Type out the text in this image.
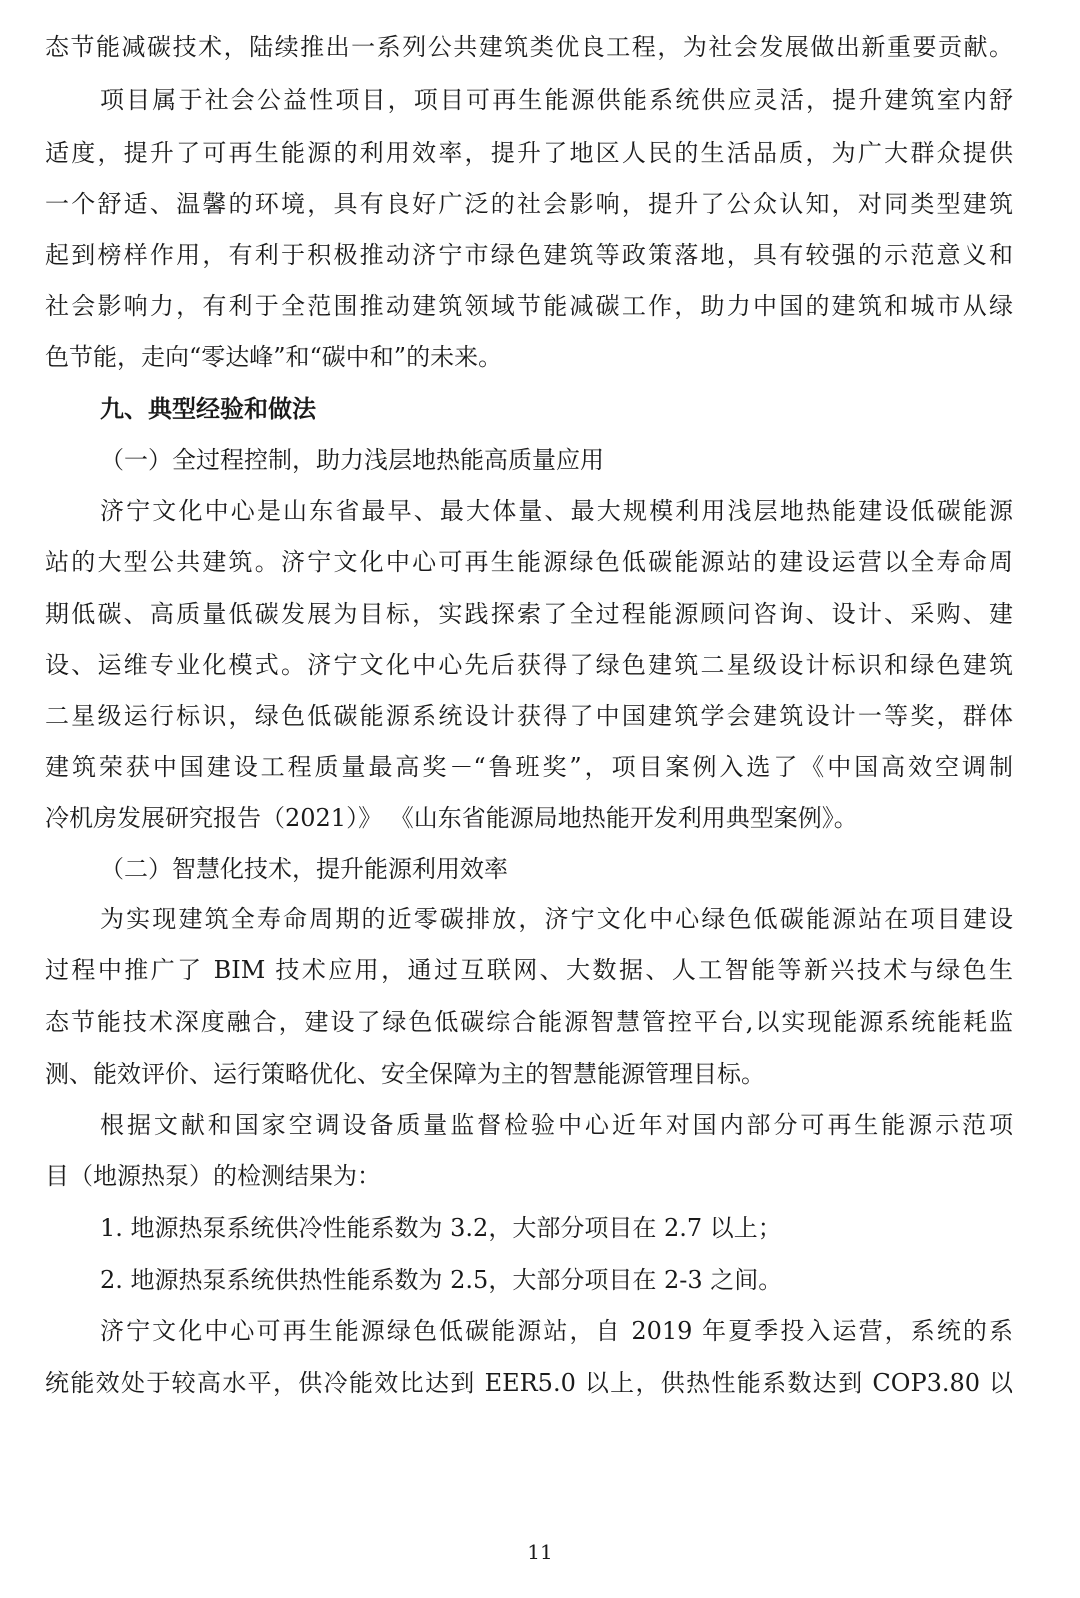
态节能减碳技术，陆续推出一系列公共建筑类优良工程，为社会发展做出新重要贡献。
项目属于社会公益性项目，项目可再生能源供能系统供应灵活，提升建筑室内舒
适度，提升了可再生能源的利用效率，提升了地区人民的生活品质，为广大群众提供
一个舒适、温馨的环境，具有良好广泛的社会影响，提升了公众认知，对同类型建筑
起到榜样作用，有利于积极推动济宁市绿色建筑等政策落地，具有较强的示范意义和
社会影响力，有利于全范围推动建筑领域节能减碳工作，助力中国的建筑和城市从绿
色节能，走向“零达峰”和“碳中和”的未来。
九、典型经验和做法
（一）全过程控制，助力浅层地热能高质量应用
济宁文化中心是山东省最早、最大体量、最大规模利用浅层地热能建设低碳能源
站的大型公共建筑。济宁文化中心可再生能源绿色低碳能源站的建设运营以全寿命周
期低碳、高质量低碳发展为目标，实践探索了全过程能源顾问咨询、设计、采购、建
设、运维专业化模式。济宁文化中心先后获得了绿色建筑二星级设计标识和绿色建筑
二星级运行标识，绿色低碳能源系统设计获得了中国建筑学会建筑设计一等奖，群体
建筑荣获中国建设工程质量最高奖－“鲁班奖”，项目案例入选了《中国高效空调制
冷机房发展研究报告（2021）》 《山东省能源局地热能开发利用典型案例》。
（二）智慧化技术，提升能源利用效率
为实现建筑全寿命周期的近零碳排放，济宁文化中心绿色低碳能源站在项目建设
过程中推广了 BIM 技术应用，通过互联网、大数据、人工智能等新兴技术与绿色生
态节能技术深度融合，建设了绿色低碳综合能源智慧管控平台,以实现能源系统能耗监
测、能效评价、运行策略优化、安全保障为主的智慧能源管理目标。
根据文献和国家空调设备质量监督检验中心近年对国内部分可再生能源示范项
目（地源热泵）的检测结果为：
1. 地源热泵系统供冷性能系数为 3.2，大部分项目在 2.7 以上；
2. 地源热泵系统供热性能系数为 2.5，大部分项目在 2-3 之间。
济宁文化中心可再生能源绿色低碳能源站，自 2019 年夏季投入运营，系统的系
统能效处于较高水平，供冷能效比达到 EER5.0 以上，供热性能系数达到 COP3.80 以
11
